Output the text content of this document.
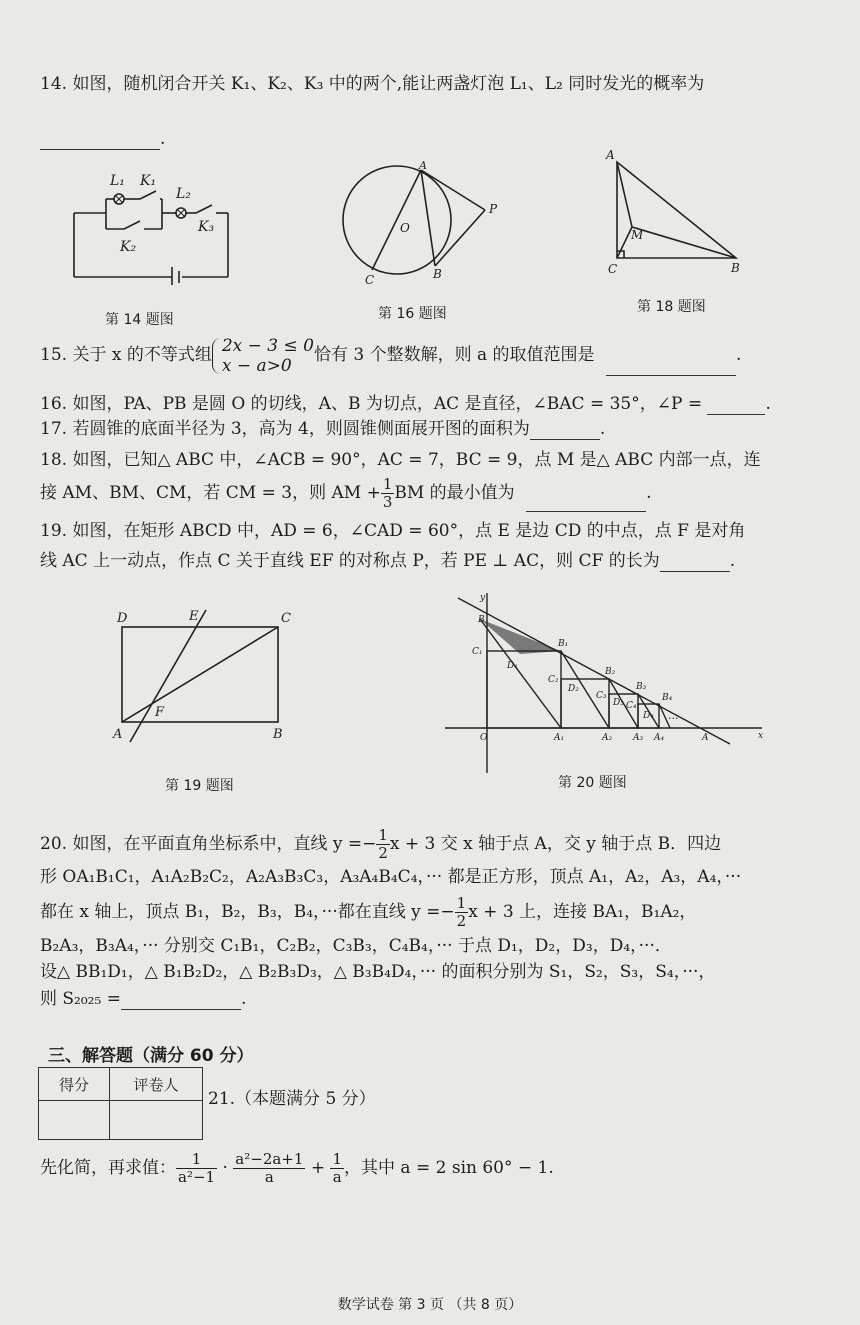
14. 如图，随机闭合开关 K₁、K₂、K₃ 中的两个,能让两盏灯泡 L₁、L₂ 同时发光的概率为
.
L₁ K₁
L₂
K₃
K₂
第 14 题图
A
O
P
C	B
第 16 题图
A
M
C	B
第 18 题图
15. 关于 x 的不等式组 2x − 3 ≤ 0
x − a>0
恰有 3 个整数解，则 a 的取值范围是	.
16. 如图，PA、PB 是圆 O 的切线，A、B 为切点，AC 是直径，∠BAC = 35°，∠P =	.
17. 若圆锥的底面半径为 3，高为 4，则圆锥侧面展开图的面积为	.
18. 如图，已知△ ABC 中，∠ACB = 90°，AC = 7，BC = 9，点 M 是△ ABC 内部一点，连
接 AM、BM、CM，若 CM = 3，则 AM + $\frac{1}{3}$ BM 的最小值为	.
19. 如图，在矩形 ABCD 中，AD = 6，∠CAD = 60°，点 E 是边 CD 的中点，点 F 是对角
线 AC 上一动点，作点 C 关于直线 EF 的对称点 P，若 PE ⊥ AC，则 CF 的长为	.
D	E	C
F
A	B
第 19 题图
y
B
C₁
D₁
B₁
C₂
D₂
B₂
C₃
D₃
B₃
C₄
D₄
B₄
···
O	A₁	A₂ A₃ A₄	A	x
第 20 题图
20. 如图，在平面直角坐标系中，直线 $y =- \frac{1}{2}$ x + 3 交 x 轴于点 A，交 y 轴于点 B．四边
形 OA₁B₁C₁，A₁A₂B₂C₂，A₂A₃B₃C₃，A₃A₄B₄C₄，··· 都是正方形，顶点 A₁，A₂，A₃，A₄，···
都在 x 轴上，顶点 B₁，B₂，B₃，B₄，···都在直线 $y =- \frac{1}{2}$ x + 3 上，连接 BA₁，B₁A₂，
B₂A₃，B₃A₄，··· 分别交 C₁B₁，C₂B₂，C₃B₃，C₄B₄，··· 于点 D₁，D₂，D₃，D₄，···．
设△ BB₁D₁，△ B₁B₂D₂，△ B₂B₃D₃，△ B₃B₄D₄，··· 的面积分别为 S₁，S₂，S₃，S₄，···，
则 S₂₀₂₅ =	.
三、解答题（满分 60 分）
得分	评卷人

21.（本题满分 5 分）
先化简，再求值： $\frac{1}{\text{a²−1}} \cdot \frac{\text{a²−2a+1}}{a} + \frac{1}{a}$ ，其中 a = 2 sin 60° − 1.
数学试卷 第 3 页 （共 8 页）
